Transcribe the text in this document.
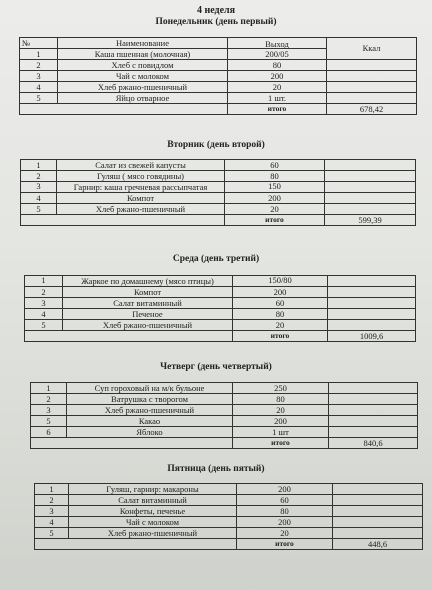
4 неделя
Понедельник (день первый)
№	Наименование	Выход	Ккал
1	Каша пшенная (молочная)	200/05	
2	Хлеб с повидлом	80	
3	Чай с молоком	200	
4	Хлеб ржано-пшеничный	20	
5	Яйцо отварное	1 шт.	
		итого	678,42
Вторник (день второй)
1	Салат из свежей капусты	60	
2	Гуляш ( мясо говядины)	80	
3	Гарнир: каша гречневая рассыпчатая	150	
4	Компот	200	
5	Хлеб ржано-пшеничный	20	
		итого	599,39
Среда (день третий)
1	Жаркое по домашнему (мясо птицы)	150/80	
2	Компот	200	
3	Салат витаминный	60	
4	Печеное	80	
5	Хлеб ржано-пшеничный	20	
		итого	1009,6
Четверг (день четвертый)
1	Суп гороховый на м/к бульоне	250	
2	Ватрушка с творогом	80	
3	Хлеб ржано-пшеничный	20	
5	Какао	200	
6	Яблоко	1 шт	
		итого	840,6
Пятница (день пятый)
1	Гуляш, гарнир: макароны	200	
2	Салат витаминный	60	
3	Конфеты, печенье	80	
4	Чай с молоком	200	
5	Хлеб ржано-пшеничный	20	
		итого	448,6
